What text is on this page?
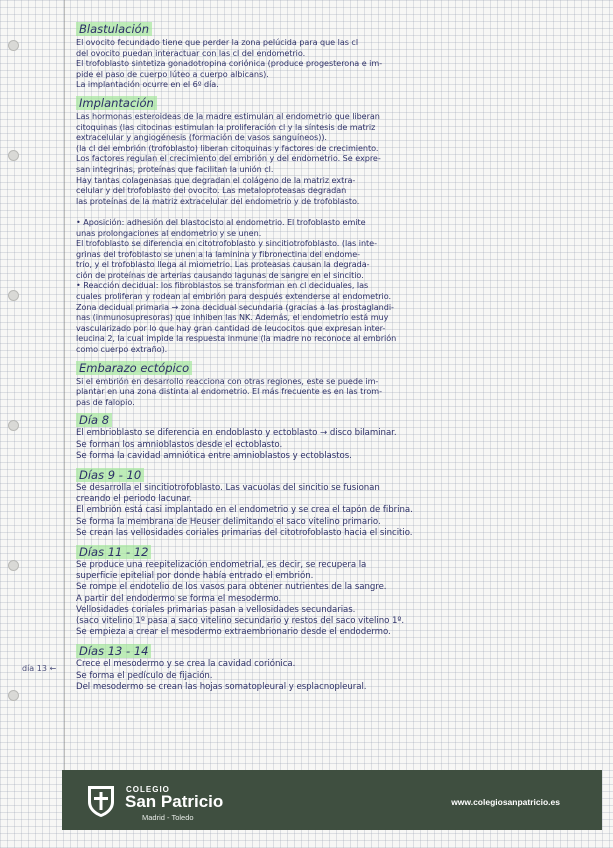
día 13 ←
Blastulación
El ovocito fecundado tiene que perder la zona pelúcida para que las cl
del ovocito puedan interactuar con las cl del endometrio.
El trofoblasto sintetiza gonadotropina coriónica (produce progesterona e im-
pide el paso de cuerpo lúteo a cuerpo albicans).
La implantación ocurre en el 6º día.
Implantación
Las hormonas esteroideas de la madre estimulan al endometrio que liberan
citoquinas (las citocinas estimulan la proliferación cl y la síntesis de matriz
extracelular y angiogénesis (formación de vasos sanguíneos)).
(la cl del embrión (trofoblasto) liberan citoquinas y factores de crecimiento.
Los factores regulan el crecimiento del embrión y del endometrio. Se expre-
san integrinas, proteínas que facilitan la unión cl.
Hay tantas colagenasas que degradan el colágeno de la matriz extra-
celular y del trofoblasto del ovocito. Las metaloproteasas degradan
las proteínas de la matriz extracelular del endometrio y de trofoblasto.
• Aposición: adhesión del blastocisto al endometrio. El trofoblasto emite
unas prolongaciones al endometrio y se unen.
El trofoblasto se diferencia en citotrofoblasto y sincitiotrofoblasto. (las inte-
grinas del trofoblasto se unen a la laminina y fibronectina del endome-
trio, y el trofoblasto llega al miometrio. Las proteasas causan la degrada-
ción de proteínas de arterias causando lagunas de sangre en el sincitio.
• Reacción decidual: los fibroblastos se transforman en cl deciduales, las
cuales proliferan y rodean al embrión para después extenderse al endometrio.
Zona decidual primaria → zona decidual secundaria (gracias a las prostaglandi-
nas (inmunosupresoras) que inhiben las NK. Además, el endometrio está muy
vascularizado por lo que hay gran cantidad de leucocitos que expresan inter-
leucina 2, la cual impide la respuesta inmune (la madre no reconoce al embrión
como cuerpo extraño).
Embarazo ectópico
Si el embrión en desarrollo reacciona con otras regiones, este se puede im-
plantar en una zona distinta al endometrio. El más frecuente es en las trom-
pas de falopio.
Día 8
El embrioblasto se diferencia en endoblasto y ectoblasto → disco bilaminar.
Se forman los amnioblastos desde el ectoblasto.
Se forma la cavidad amniótica entre amnioblastos y ectoblastos.
Días 9 - 10
Se desarrolla el sincitiotrofoblasto. Las vacuolas del sincitio se fusionan
creando el periodo lacunar.
El embrión está casi implantado en el endometrio y se crea el tapón de fibrina.
Se forma la membrana de Heuser delimitando el saco vitelino primario.
Se crean las vellosidades coriales primarias del citotrofoblasto hacia el sincitio.
Días 11 - 12
Se produce una reepitelización endometrial, es decir, se recupera la
superficie epitelial por donde había entrado el embrión.
Se rompe el endotelio de los vasos para obtener nutrientes de la sangre.
A partir del endodermo se forma el mesodermo.
Vellosidades coriales primarias pasan a vellosidades secundarias.
(saco vitelino 1º pasa a saco vitelino secundario y restos del saco vitelino 1º.
Se empieza a crear el mesodermo extraembrionario desde el endodermo.
Días 13 - 14
Crece el mesodermo y se crea la cavidad coriónica.
Se forma el pedículo de fijación.
Del mesodermo se crean las hojas somatopleural y esplacnopleural.
COLEGIO
San Patricio
Madrid - Toledo
www.colegiosanpatricio.es
